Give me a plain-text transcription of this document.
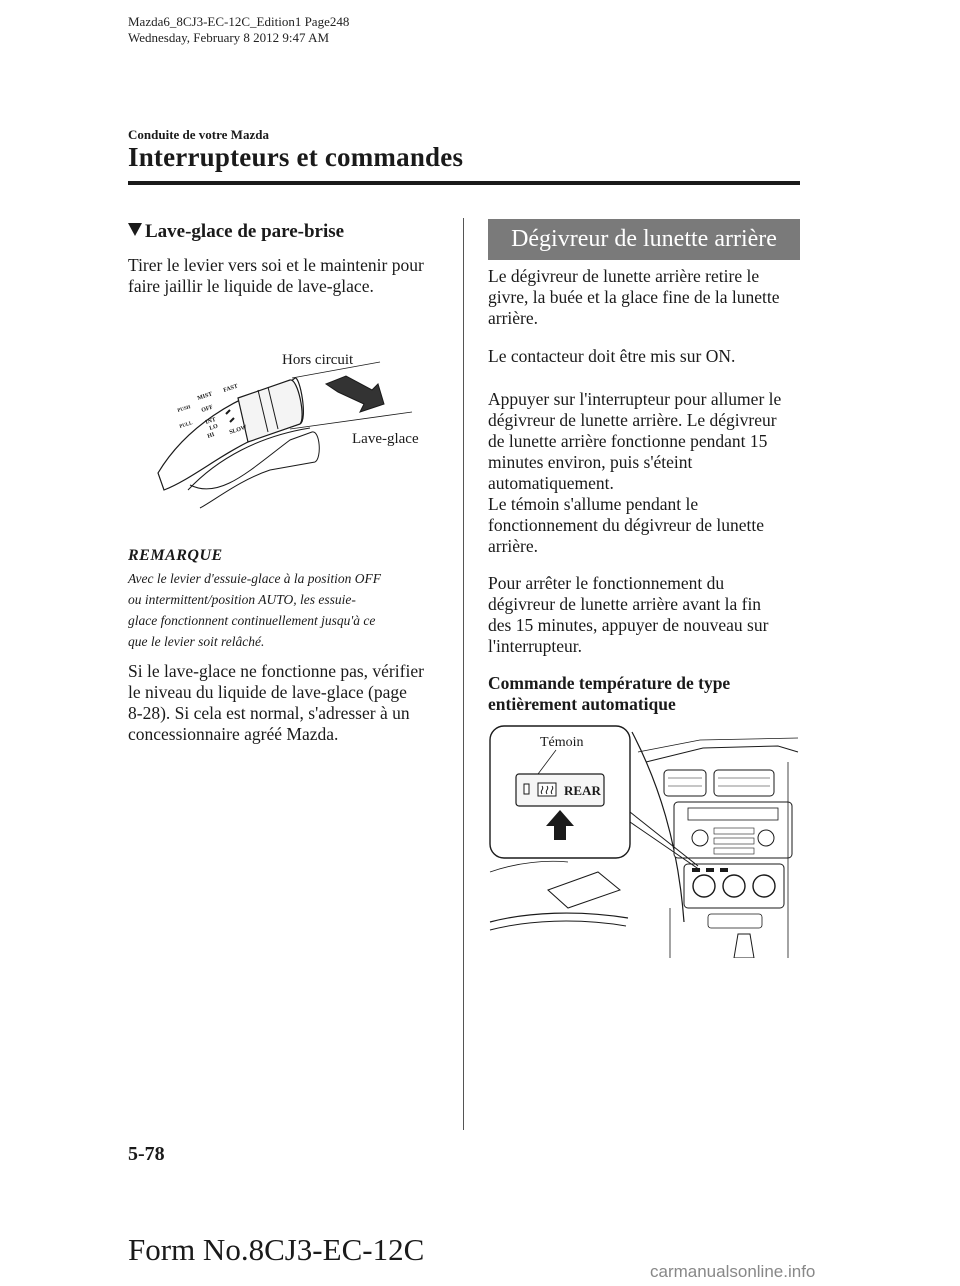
Mazda6_8CJ3-EC-12C_Edition1 Page248
Wednesday, February 8 2012 9:47 AM
Conduite de votre Mazda
Interrupteurs et commandes
Lave-glace de pare-brise
Tirer le levier vers soi et le maintenir pour
faire jaillir le liquide de lave-glace.
Hors circuit
Lave-glace
PUSH
PULL
MIST
OFF
INT
FAST
HI
LO SLOW
REMARQUE
Avec le levier d'essuie-glace à la position OFF
ou intermittent/position AUTO, les essuie-
glace fonctionnent continuellement jusqu'à ce
que le levier soit relâché.
Si le lave-glace ne fonctionne pas, vérifier
le niveau du liquide de lave-glace (page
8-28). Si cela est normal, s'adresser à un
concessionnaire agréé Mazda.
Dégivreur de lunette arrière
Le dégivreur de lunette arrière retire le
givre, la buée et la glace fine de la lunette
arrière.
Le contacteur doit être mis sur ON.
Appuyer sur l'interrupteur pour allumer le
dégivreur de lunette arrière. Le dégivreur
de lunette arrière fonctionne pendant 15
minutes environ, puis s'éteint
automatiquement.
Le témoin s'allume pendant le
fonctionnement du dégivreur de lunette
arrière.
Pour arrêter le fonctionnement du
dégivreur de lunette arrière avant la fin
des 15 minutes, appuyer de nouveau sur
l'interrupteur.
Commande température de type
entièrement automatique
Témoin
REAR
5-78
Form No.8CJ3-EC-12C
carmanualsonline.info
